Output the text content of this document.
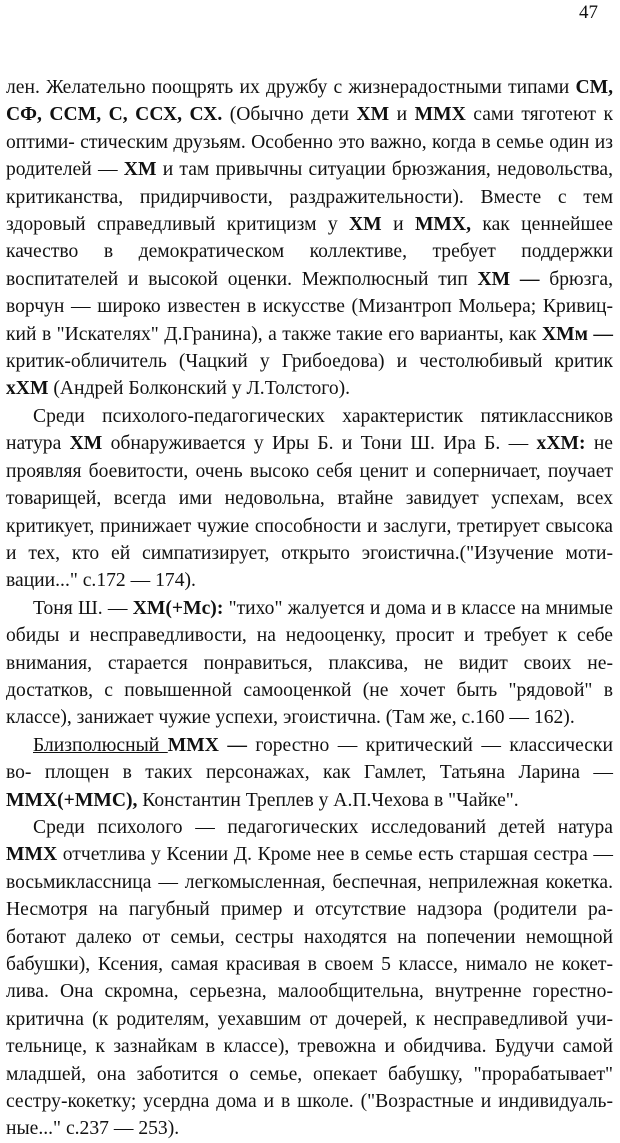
47

лен. Желательно поощрять их дружбу с жизнерадостными типами СМ, СФ, ССМ, С, ССХ, СХ. (Обычно дети ХМ и ММХ сами тяготеют к оптими- стическим друзьям. Особенно это важно, когда в семье один из родителей — ХМ и там привычны ситуации брюзжания, недовольства, критиканства, придирчивости, раздражительности). Вместе с тем здоровый справедливый критицизм у ХМ и ММХ, как ценнейшее качество в демократическом коллективе, требует поддержки воспитателей и высокой оценки. Межполюсный тип ХМ — брюзга, ворчун — широко известен в искусстве (Мизантроп Мольера; Кривицкий в "Искателях" Д.Гранина), а также такие его варианты, как ХМм — критик-обличитель (Чацкий у Грибоедова) и честолюбивый критик хХМ (Андрей Болконский у Л.Толстого).

Среди психолого-педагогических характеристик пятиклассников натура ХМ обнаруживается у Иры Б. и Тони Ш. Ира Б. — хХМ: не проявляя боевитости, очень высоко себя ценит и соперничает, поучает товарищей, всегда ими недовольна, втайне завидует успехам, всех критикует, принижает чужие способности и заслуги, третирует свысока и тех, кто ей симпатизирует, открыто эгоистична.("Изучение мотивации..." с.172 — 174).

Тоня Ш. — ХМ(+Мс): "тихо" жалуется и дома и в классе на мнимые обиды и несправедливости, на недооценку, просит и требует к себе внимания, старается понравиться, плаксива, не видит своих недостатков, с повышенной самооценкой (не хочет быть "рядовой" в классе), занижает чужие успехи, эгоистична. (Там же, с.160 — 162).

Близполюсный ММХ — горестно — критический — классически во- площен в таких персонажах, как Гамлет, Татьяна Ларина — ММХ(+ММС), Константин Треплев у А.П.Чехова в "Чайке".

Среди психолого — педагогических исследований детей натура ММХ отчетлива у Ксении Д. Кроме нее в семье есть старшая сестра — восьмиклассница — легкомысленная, беспечная, неприлежная кокетка. Несмотря на пагубный пример и отсутствие надзора (родители работают далеко от семьи, сестры находятся на попечении немощной бабушки), Ксения, самая красивая в своем 5 классе, нимало не кокетлива. Она скромна, серьезна, малообщительна, внутренне горестнокритична (к родителям, уехавшим от дочерей, к несправедливой учительнице, к зазнайкам в классе), тревожна и обидчива. Будучи самой младшей, она заботится о семье, опекает бабушку, "прорабатывает" сестру-кокетку; усердна дома и в школе. ("Возрастные и индивидуальные..." с.237 — 253).
